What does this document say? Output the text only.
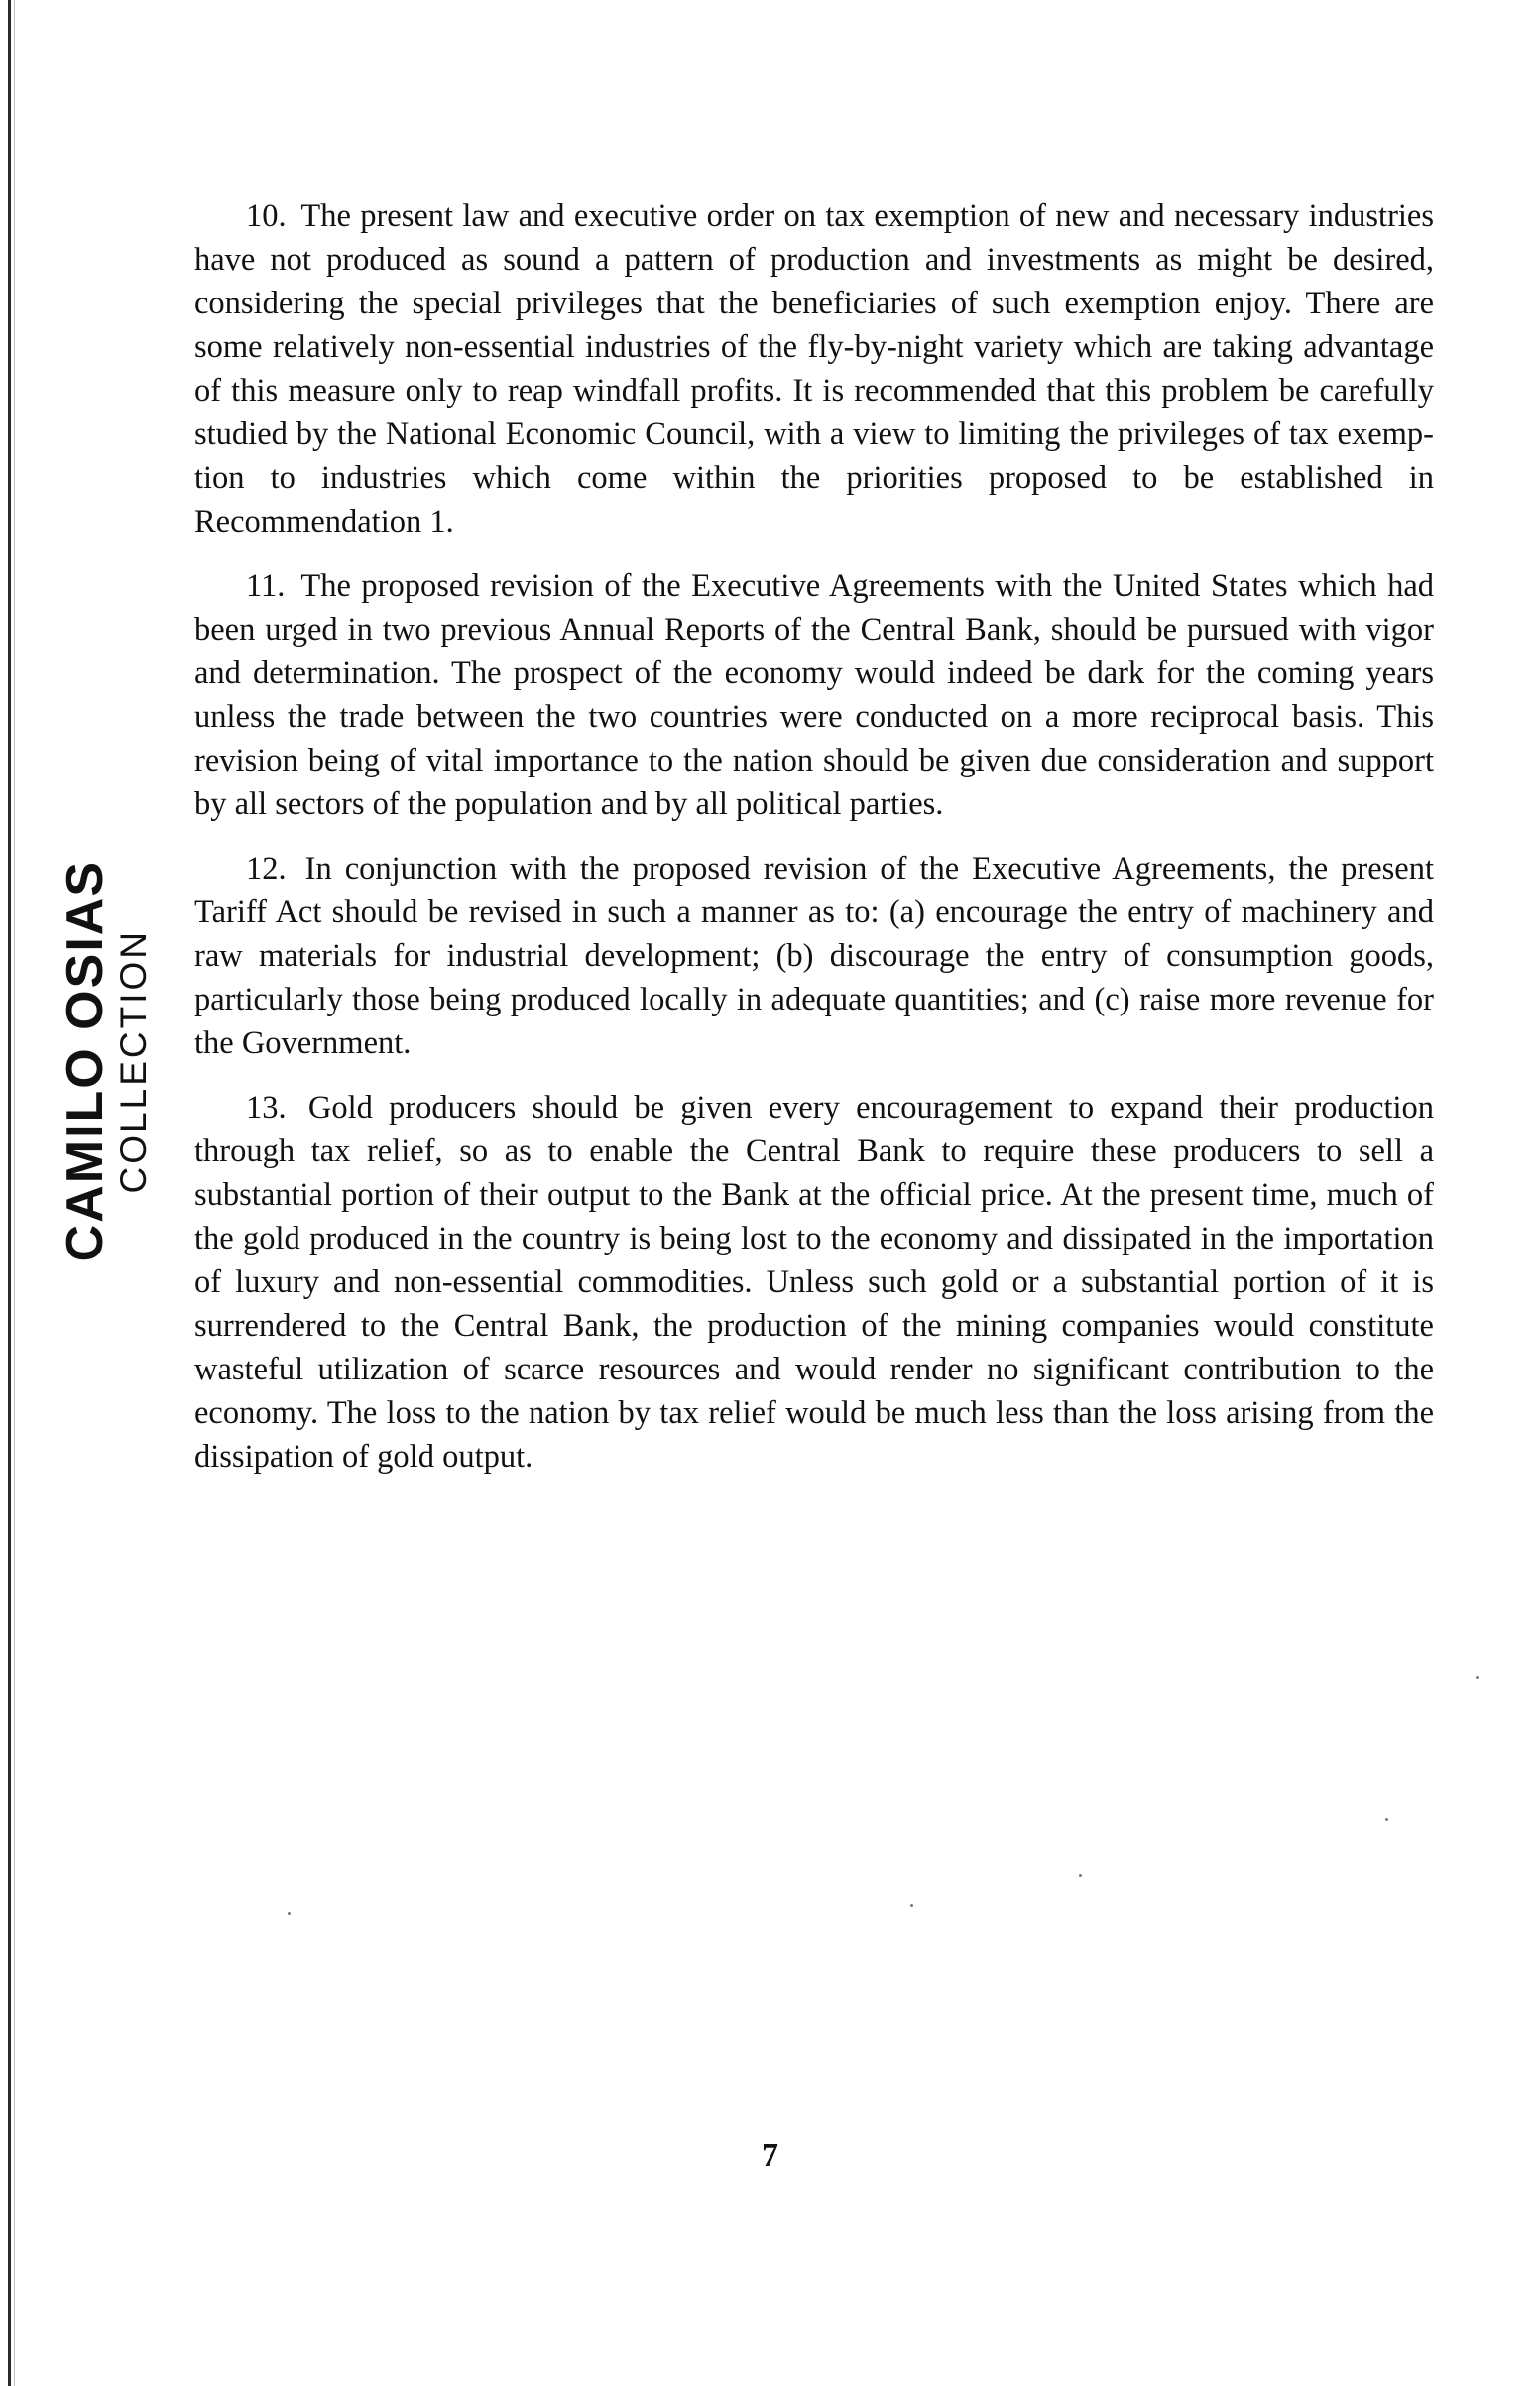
CAMILO OSIAS COLLECTION

10. The present law and executive order on tax exemption of new and necessary industries have not produced as sound a pattern of production and investments as might be desired, considering the special privileges that the beneficiaries of such exemption enjoy. There are some relatively non-essential industries of the fly-by-night variety which are taking advantage of this measure only to reap windfall profits. It is recommended that this problem be carefully studied by the National Economic Council, with a view to limiting the privileges of tax exemption to industries which come within the priorities proposed to be established in Recommendation 1.

11. The proposed revision of the Executive Agreements with the United States which had been urged in two previous Annual Reports of the Central Bank, should be pursued with vigor and determination. The prospect of the economy would indeed be dark for the coming years unless the trade between the two countries were conducted on a more reciprocal basis. This revision being of vital importance to the nation should be given due consideration and support by all sectors of the population and by all political parties.

12. In conjunction with the proposed revision of the Executive Agreements, the present Tariff Act should be revised in such a manner as to: (a) encourage the entry of machinery and raw materials for industrial development; (b) discourage the entry of consumption goods, particularly those being produced locally in adequate quantities; and (c) raise more revenue for the Government.

13. Gold producers should be given every encouragement to expand their production through tax relief, so as to enable the Central Bank to require these producers to sell a substantial portion of their output to the Bank at the official price. At the present time, much of the gold produced in the country is being lost to the economy and dissipated in the importation of luxury and non-essential commodities. Unless such gold or a substantial portion of it is surrendered to the Central Bank, the production of the mining companies would constitute wasteful utilization of scarce resources and would render no significant contribution to the economy. The loss to the nation by tax relief would be much less than the loss arising from the dissipation of gold output.

7
